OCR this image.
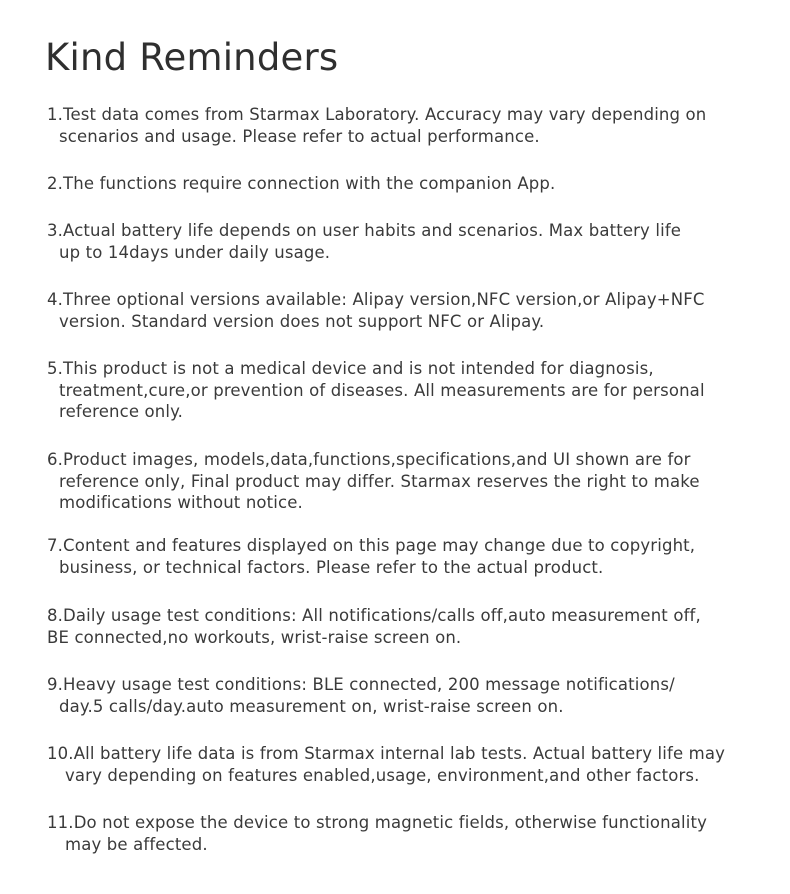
Kind Reminders

1.Test data comes from Starmax Laboratory. Accuracy may vary depending on
scenarios and usage. Please refer to actual performance.

2.The functions require connection with the companion App.

3.Actual battery life depends on user habits and scenarios. Max battery life
up to 14days under daily usage.

4.Three optional versions available: Alipay version,NFC version,or Alipay+NFC
version. Standard version does not support NFC or Alipay.

5.This product is not a medical device and is not intended for diagnosis,
treatment,cure,or prevention of diseases. All measurements are for personal
reference only.

6.Product images, models,data,functions,specifications,and UI shown are for
reference only, Final product may differ. Starmax reserves the right to make
modifications without notice.

7.Content and features displayed on this page may change due to copyright,
business, or technical factors. Please refer to the actual product.

8.Daily usage test conditions: All notifications/calls off,auto measurement off,
BE connected,no workouts, wrist-raise screen on.

9.Heavy usage test conditions: BLE connected, 200 message notifications/
day.5 calls/day.auto measurement on, wrist-raise screen on.

10.All battery life data is from Starmax internal lab tests. Actual battery life may
vary depending on features enabled,usage, environment,and other factors.

11.Do not expose the device to strong magnetic fields, otherwise functionality
may be affected.
